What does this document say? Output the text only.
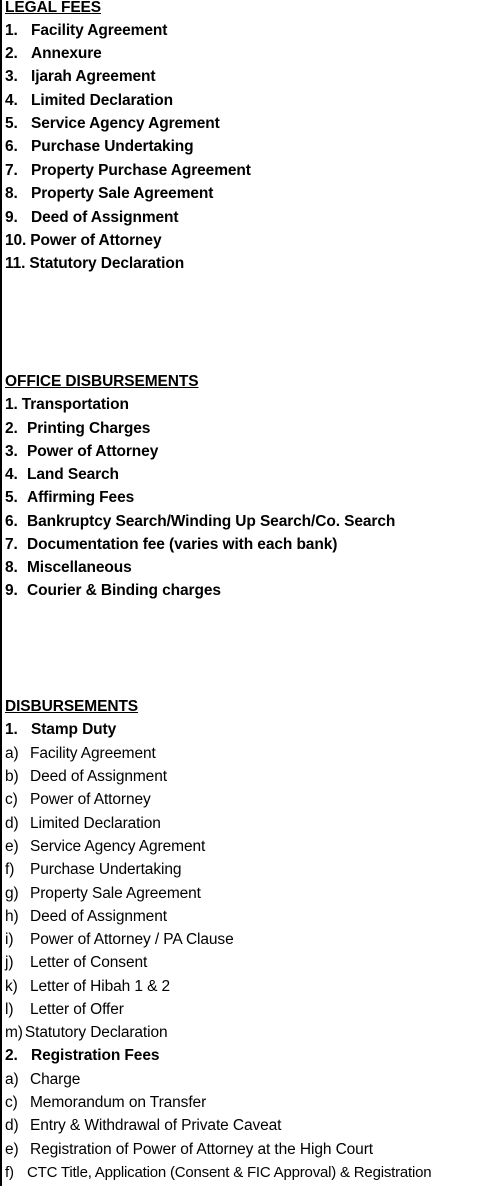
LEGAL FEES
1. Facility Agreement
2. Annexure
3. Ijarah Agreement
4. Limited Declaration
5. Service Agency Agrement
6. Purchase Undertaking
7. Property Purchase Agreement
8. Property Sale Agreement
9. Deed of Assignment
10. Power of Attorney
11. Statutory Declaration
OFFICE DISBURSEMENTS
1. Transportation
2. Printing Charges
3. Power of Attorney
4. Land Search
5. Affirming Fees
6. Bankruptcy Search/Winding Up Search/Co. Search
7. Documentation fee (varies with each bank)
8. Miscellaneous
9. Courier & Binding charges
DISBURSEMENTS
1. Stamp Duty
a) Facility Agreement
b) Deed of Assignment
c) Power of Attorney
d) Limited Declaration
e) Service Agency Agrement
f) Purchase Undertaking
g) Property Sale Agreement
h) Deed of Assignment
i) Power of Attorney / PA Clause
j) Letter of Consent
k) Letter of Hibah 1 & 2
l) Letter of Offer
m) Statutory Declaration
2. Registration Fees
a) Charge
c) Memorandum on Transfer
d) Entry & Withdrawal of Private Caveat
e) Registration of Power of Attorney at the High Court
f) CTC Title, Application (Consent & FIC Approval) & Registration
